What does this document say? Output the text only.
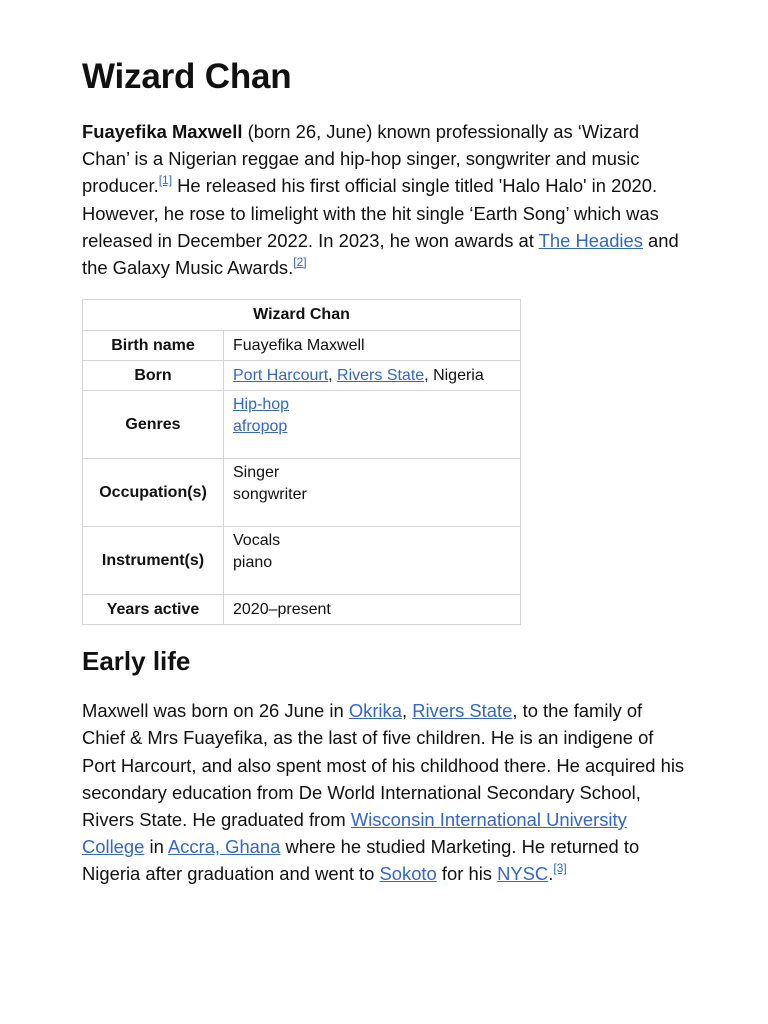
Wizard Chan

Fuayefika Maxwell (born 26, June) known professionally as ‘Wizard Chan’ is a Nigerian reggae and hip-hop singer, songwriter and music producer.[1] He released his first official single titled 'Halo Halo' in 2020. However, he rose to limelight with the hit single ‘Earth Song’ which was released in December 2022. In 2023, he won awards at The Headies and the Galaxy Music Awards.[2]

Wizard Chan	
Birth name	Fuayefika Maxwell
Born	Port Harcourt, Rivers State, Nigeria
Genres	Hip-hop
afropop

Occupation(s)	Singer
songwriter

Instrument(s)	Vocals
piano

Years active	2020–present
Early life

Maxwell was born on 26 June in Okrika, Rivers State, to the family of Chief & Mrs Fuayefika, as the last of five children. He is an indigene of Port Harcourt, and also spent most of his childhood there. He acquired his secondary education from De World International Secondary School, Rivers State. He graduated from Wisconsin International University College in Accra, Ghana where he studied Marketing. He returned to Nigeria after graduation and went to Sokoto for his NYSC.[3]
